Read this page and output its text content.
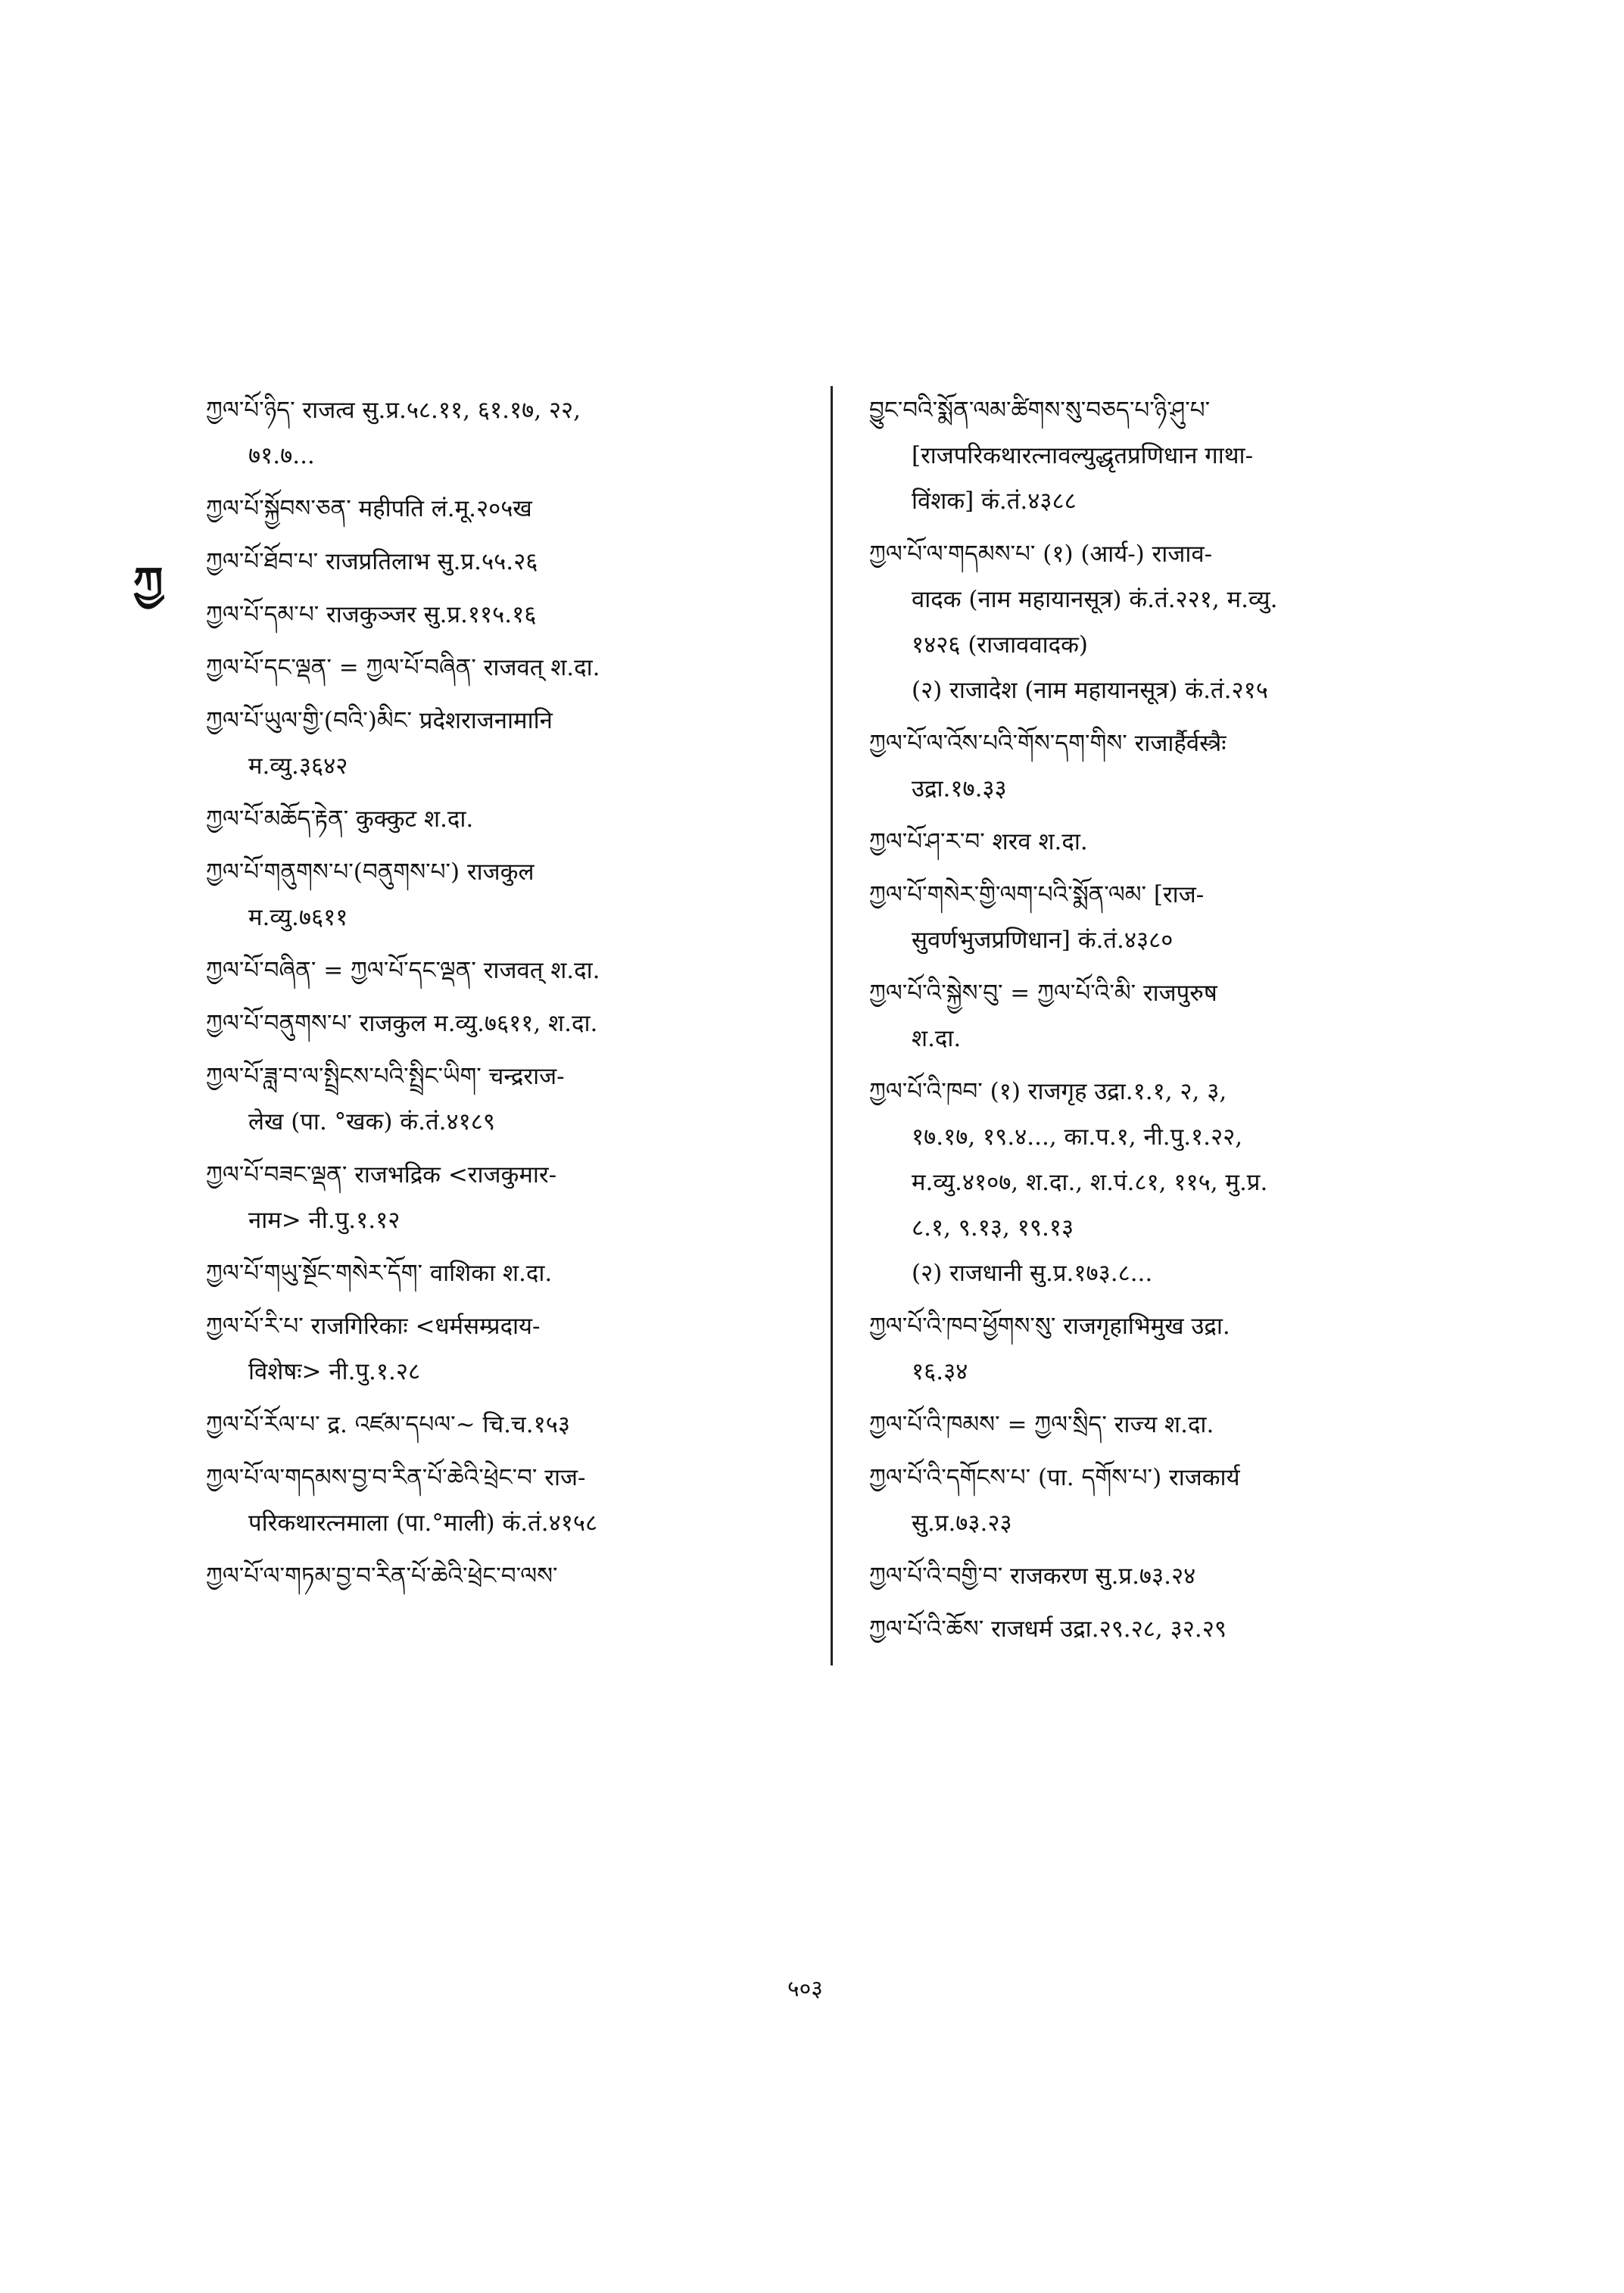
ཀྱ
ཀྱལ་པོ་ཉིད་ राजत्व सु.प्र.५८.११, ६१.१७, २२,
७१.७...
ཀྱལ་པོ་སྐྱོབས་ཅན་ महीपति लं.मू.२०५ख
ཀྱལ་པོ་ཐོབ་པ་ राजप्रतिलाभ सु.प्र.५५.२६
ཀྱལ་པོ་དམ་པ་ राजकुञ्जर सु.प्र.११५.१६
ཀྱལ་པོ་དང་ལྡན་ = ཀྱལ་པོ་བཞིན་ राजवत् श.दा.
ཀྱལ་པོ་ཡུལ་གྱི་(བའི་)མིང་ प्रदेशराजनामानि
म.व्यु.३६४२
ཀྱལ་པོ་མཆོད་རྟེན་ कुक्कुट श.दा.
ཀྱལ་པོ་གནུགས་པ་(བནུགས་པ་) राजकुल
म.व्यु.७६११
ཀྱལ་པོ་བཞིན་ = ཀྱལ་པོ་དང་ལྡན་ राजवत् श.दा.
ཀྱལ་པོ་བནུགས་པ་ राजकुल म.व्यु.७६११, श.दा.
ཀྱལ་པོ་ཟླ་བ་ལ་སྤྲིངས་པའི་སྤྲིང་ཡིག་ चन्द्रराज-
लेख (पा. °खक) कं.तं.४१८९
ཀྱལ་པོ་བཟང་ལྡན་ राजभद्रिक <राजकुमार-
नाम> नी.पु.१.१२
ཀྱལ་པོ་གཡུ་སྔོང་གསེར་དོག་ वाशिका श.दा.
ཀྱལ་པོ་རི་པ་ राजगिरिकाः <धर्मसम्प्रदाय-
विशेषः> नी.पु.१.२८
ཀྱལ་པོ་རོལ་པ་ द्र. འཛམ་དཔལ་~ चि.च.१५३
ཀྱལ་པོ་ལ་གདམས་བྱ་བ་རིན་པོ་ཆེའི་ཕྲེང་བ་ राज-
परिकथारत्नमाला (पा.°माली) कं.तं.४१५८
ཀྱལ་པོ་ལ་གཏམ་བྱ་བ་རིན་པོ་ཆེའི་ཕྲེང་བ་ལས་
བྱུང་བའི་སྨོན་ལམ་ཚིགས་སུ་བཅད་པ་ཉི་ཤུ་པ་
[राजपरिकथारत्नावल्युद्धृतप्रणिधान गाथा-
विंशक] कं.तं.४३८८
ཀྱལ་པོ་ལ་གདམས་པ་ (१) (आर्य-) राजाव-
वादक (नाम महायानसूत्र) कं.तं.२२१, म.व्यु.
१४२६ (राजाववादक)
(२) राजादेश (नाम महायानसूत्र) कं.तं.२१५
ཀྱལ་པོ་ལ་འོས་པའི་གོས་དག་གིས་ राजार्हैर्वस्त्रैः
उद्रा.१७.३३
ཀྱལ་པོ་ཤ་ར་བ་ शरव श.दा.
ཀྱལ་པོ་གསེར་གྱི་ལག་པའི་སྨོན་ལམ་ [राज-
सुवर्णभुजप्रणिधान] कं.तं.४३८०
ཀྱལ་པོ་འི་སྐྱེས་བུ་ = ཀྱལ་པོ་འི་མི་ राजपुरुष
श.दा.
ཀྱལ་པོ་འི་ཁབ་ (१) राजगृह उद्रा.१.१, २, ३,
१७.१७, १९.४..., का.प.१, नी.पु.१.२२,
म.व्यु.४१०७, श.दा., श.पं.८१, ११५, मु.प्र.
८.१, ९.१३, १९.१३
(२) राजधानी सु.प्र.१७३.८...
ཀྱལ་པོ་འི་ཁབ་ཕྱོགས་སུ་ राजगृहाभिमुख उद्रा.
१६.३४
ཀྱལ་པོ་འི་ཁམས་ = ཀྱལ་སྲིད་ राज्य श.दा.
ཀྱལ་པོ་འི་དགོངས་པ་ (पा. དགོས་པ་) राजकार्य
सु.प्र.७३.२३
ཀྱལ་པོ་འི་བགྱི་བ་ राजकरण सु.प्र.७३.२४
ཀྱལ་པོ་འི་ཆོས་ राजधर्म उद्रा.२९.२८, ३२.२९
५०३
